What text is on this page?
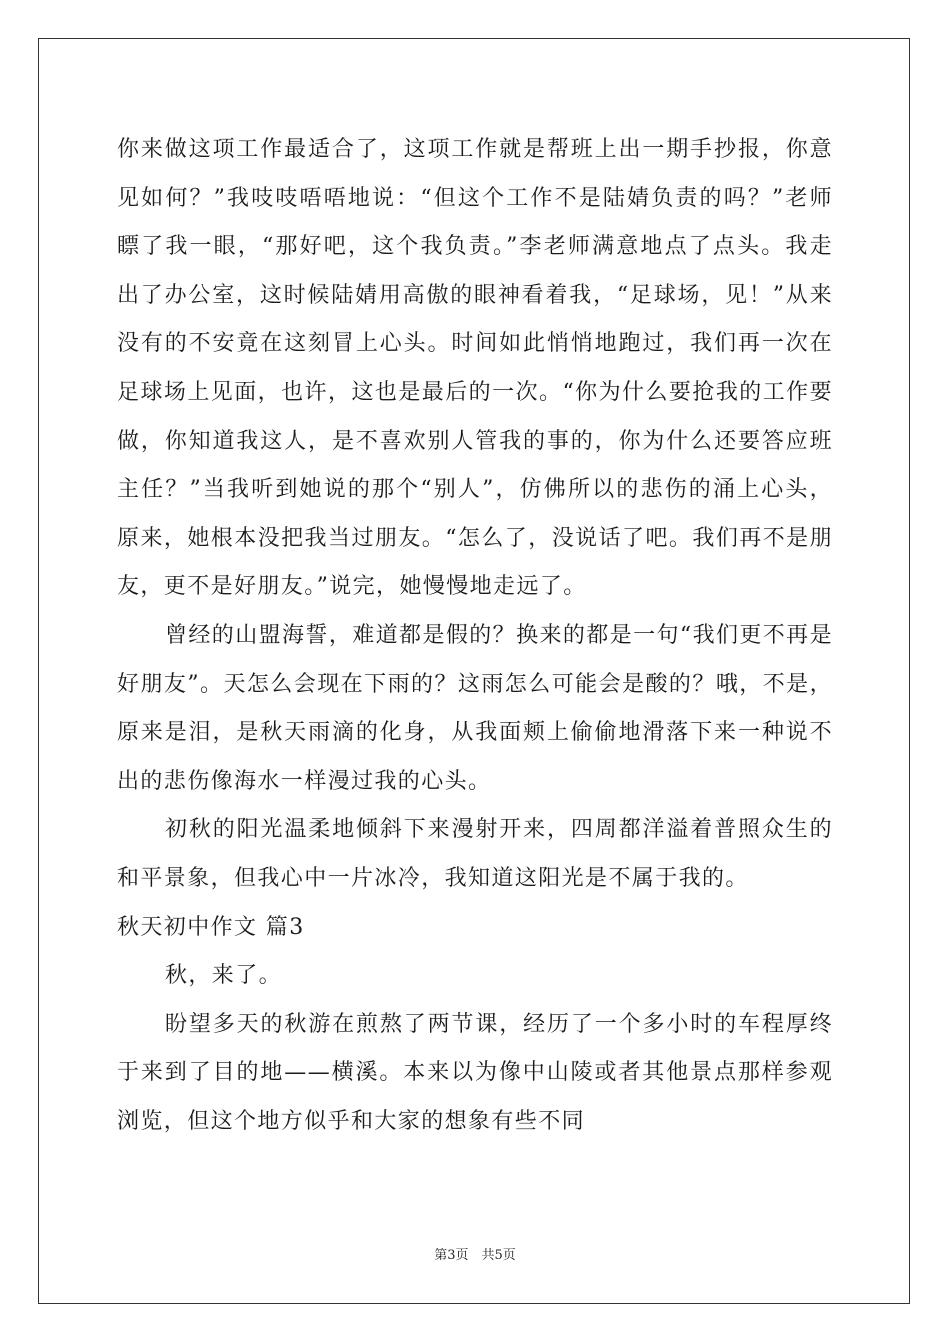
你来做这项工作最适合了，这项工作就是帮班上出一期手抄报，你意见如何？”我吱吱唔唔地说：“但这个工作不是陆婧负责的吗？”老师瞟了我一眼，“那好吧，这个我负责。”李老师满意地点了点头。我走出了办公室，这时候陆婧用高傲的眼神看着我，“足球场，见！”从来没有的不安竟在这刻冒上心头。时间如此悄悄地跑过，我们再一次在足球场上见面，也许，这也是最后的一次。“你为什么要抢我的工作要做，你知道我这人，是不喜欢别人管我的事的，你为什么还要答应班主任？”当我听到她说的那个“别人”，仿佛所以的悲伤的涌上心头，原来，她根本没把我当过朋友。“怎么了，没说话了吧。我们再不是朋友，更不是好朋友。”说完，她慢慢地走远了。

曾经的山盟海誓，难道都是假的？换来的都是一句“我们更不再是好朋友”。天怎么会现在下雨的？这雨怎么可能会是酸的？哦，不是，原来是泪，是秋天雨滴的化身，从我面颊上偷偷地滑落下来一种说不出的悲伤像海水一样漫过我的心头。

初秋的阳光温柔地倾斜下来漫射开来，四周都洋溢着普照众生的和平景象，但我心中一片冰冷，我知道这阳光是不属于我的。

秋天初中作文 篇3

秋，来了。

盼望多天的秋游在煎熬了两节课，经历了一个多小时的车程厚终于来到了目的地——横溪。本来以为像中山陵或者其他景点那样参观浏览，但这个地方似乎和大家的想象有些不同

第3页　共5页
